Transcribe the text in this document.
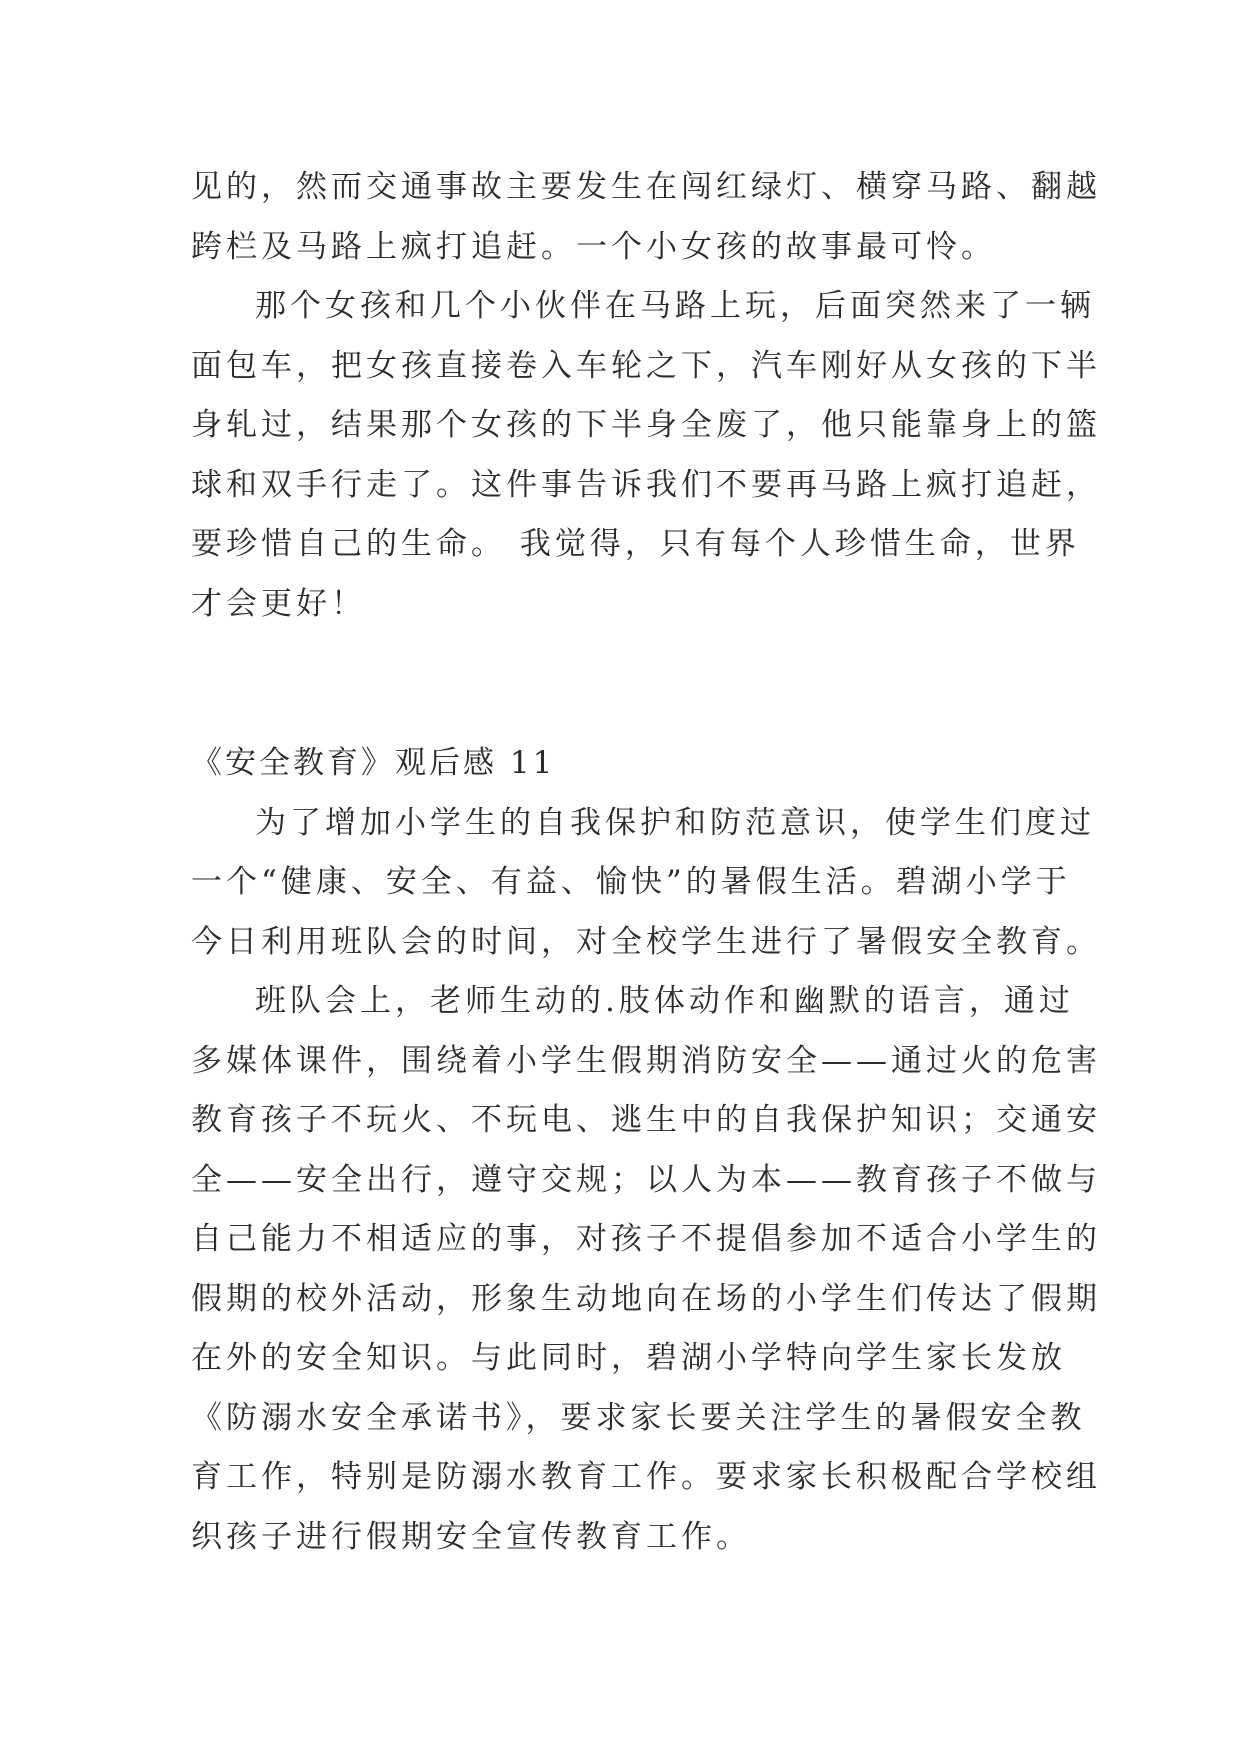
见的，然而交通事故主要发生在闯红绿灯、横穿马路、翻越
跨栏及马路上疯打追赶。一个小女孩的故事最可怜。
那个女孩和几个小伙伴在马路上玩，后面突然来了一辆
面包车，把女孩直接卷入车轮之下，汽车刚好从女孩的下半
身轧过，结果那个女孩的下半身全废了，他只能靠身上的篮
球和双手行走了。这件事告诉我们不要再马路上疯打追赶，
要珍惜自己的生命。 我觉得，只有每个人珍惜生命，世界
才会更好！
《安全教育》观后感 11
为了增加小学生的自我保护和防范意识，使学生们度过
一个“健康、安全、有益、愉快”的暑假生活。碧湖小学于
今日利用班队会的时间，对全校学生进行了暑假安全教育。
班队会上，老师生动的.肢体动作和幽默的语言，通过
多媒体课件，围绕着小学生假期消防安全——通过火的危害
教育孩子不玩火、不玩电、逃生中的自我保护知识；交通安
全——安全出行，遵守交规；以人为本——教育孩子不做与
自己能力不相适应的事，对孩子不提倡参加不适合小学生的
假期的校外活动，形象生动地向在场的小学生们传达了假期
在外的安全知识。与此同时，碧湖小学特向学生家长发放
《防溺水安全承诺书》，要求家长要关注学生的暑假安全教
育工作，特别是防溺水教育工作。要求家长积极配合学校组
织孩子进行假期安全宣传教育工作。
